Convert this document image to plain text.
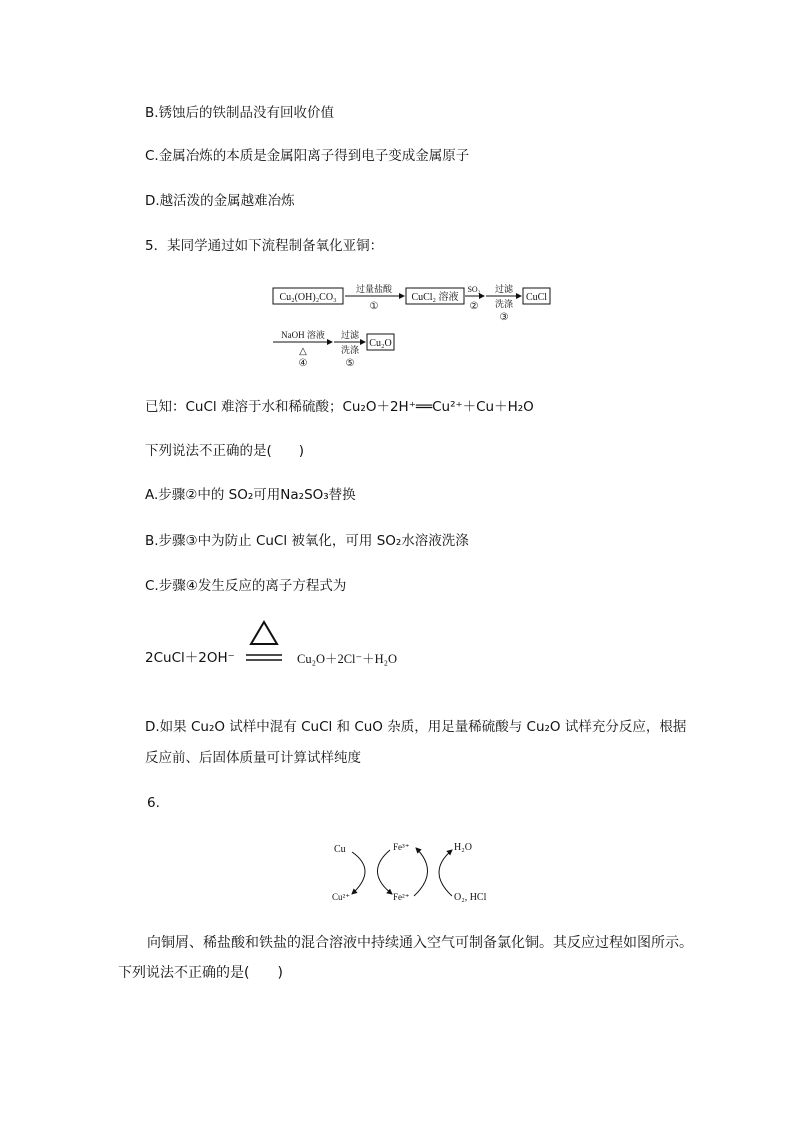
B.锈蚀后的铁制品没有回收价值
C.金属冶炼的本质是金属阳离子得到电子变成金属原子
D.越活泼的金属越难冶炼
5．某同学通过如下流程制备氧化亚铜：
Cu₂(OH)₂CO₃
过量盐酸
①
CuCl₂ 溶液
SO₂
②
过滤
洗涤
③
CuCl
NaOH 溶液
△
④
过滤
洗涤
⑤
Cu₂O
已知：CuCl 难溶于水和稀硫酸；Cu₂O＋2H⁺══Cu²⁺＋Cu＋H₂O
下列说法不正确的是(　　)
A.步骤②中的 SO₂可用Na₂SO₃替换
B.步骤③中为防止 CuCl 被氧化，可用 SO₂水溶液洗涤
C.步骤④发生反应的离子方程式为
2CuCl＋2OH⁻	Cu₂O＋2Cl⁻＋H₂O
D.如果 Cu₂O 试样中混有 CuCl 和 CuO 杂质，用足量稀硫酸与 Cu₂O 试样充分反应，根据
反应前、后固体质量可计算试样纯度
6.
Cu	Fe³⁺	H₂O
Cu²⁺	Fe²⁺	O₂, HCl
向铜屑、稀盐酸和铁盐的混合溶液中持续通入空气可制备氯化铜。其反应过程如图所示。
下列说法不正确的是(　　)
